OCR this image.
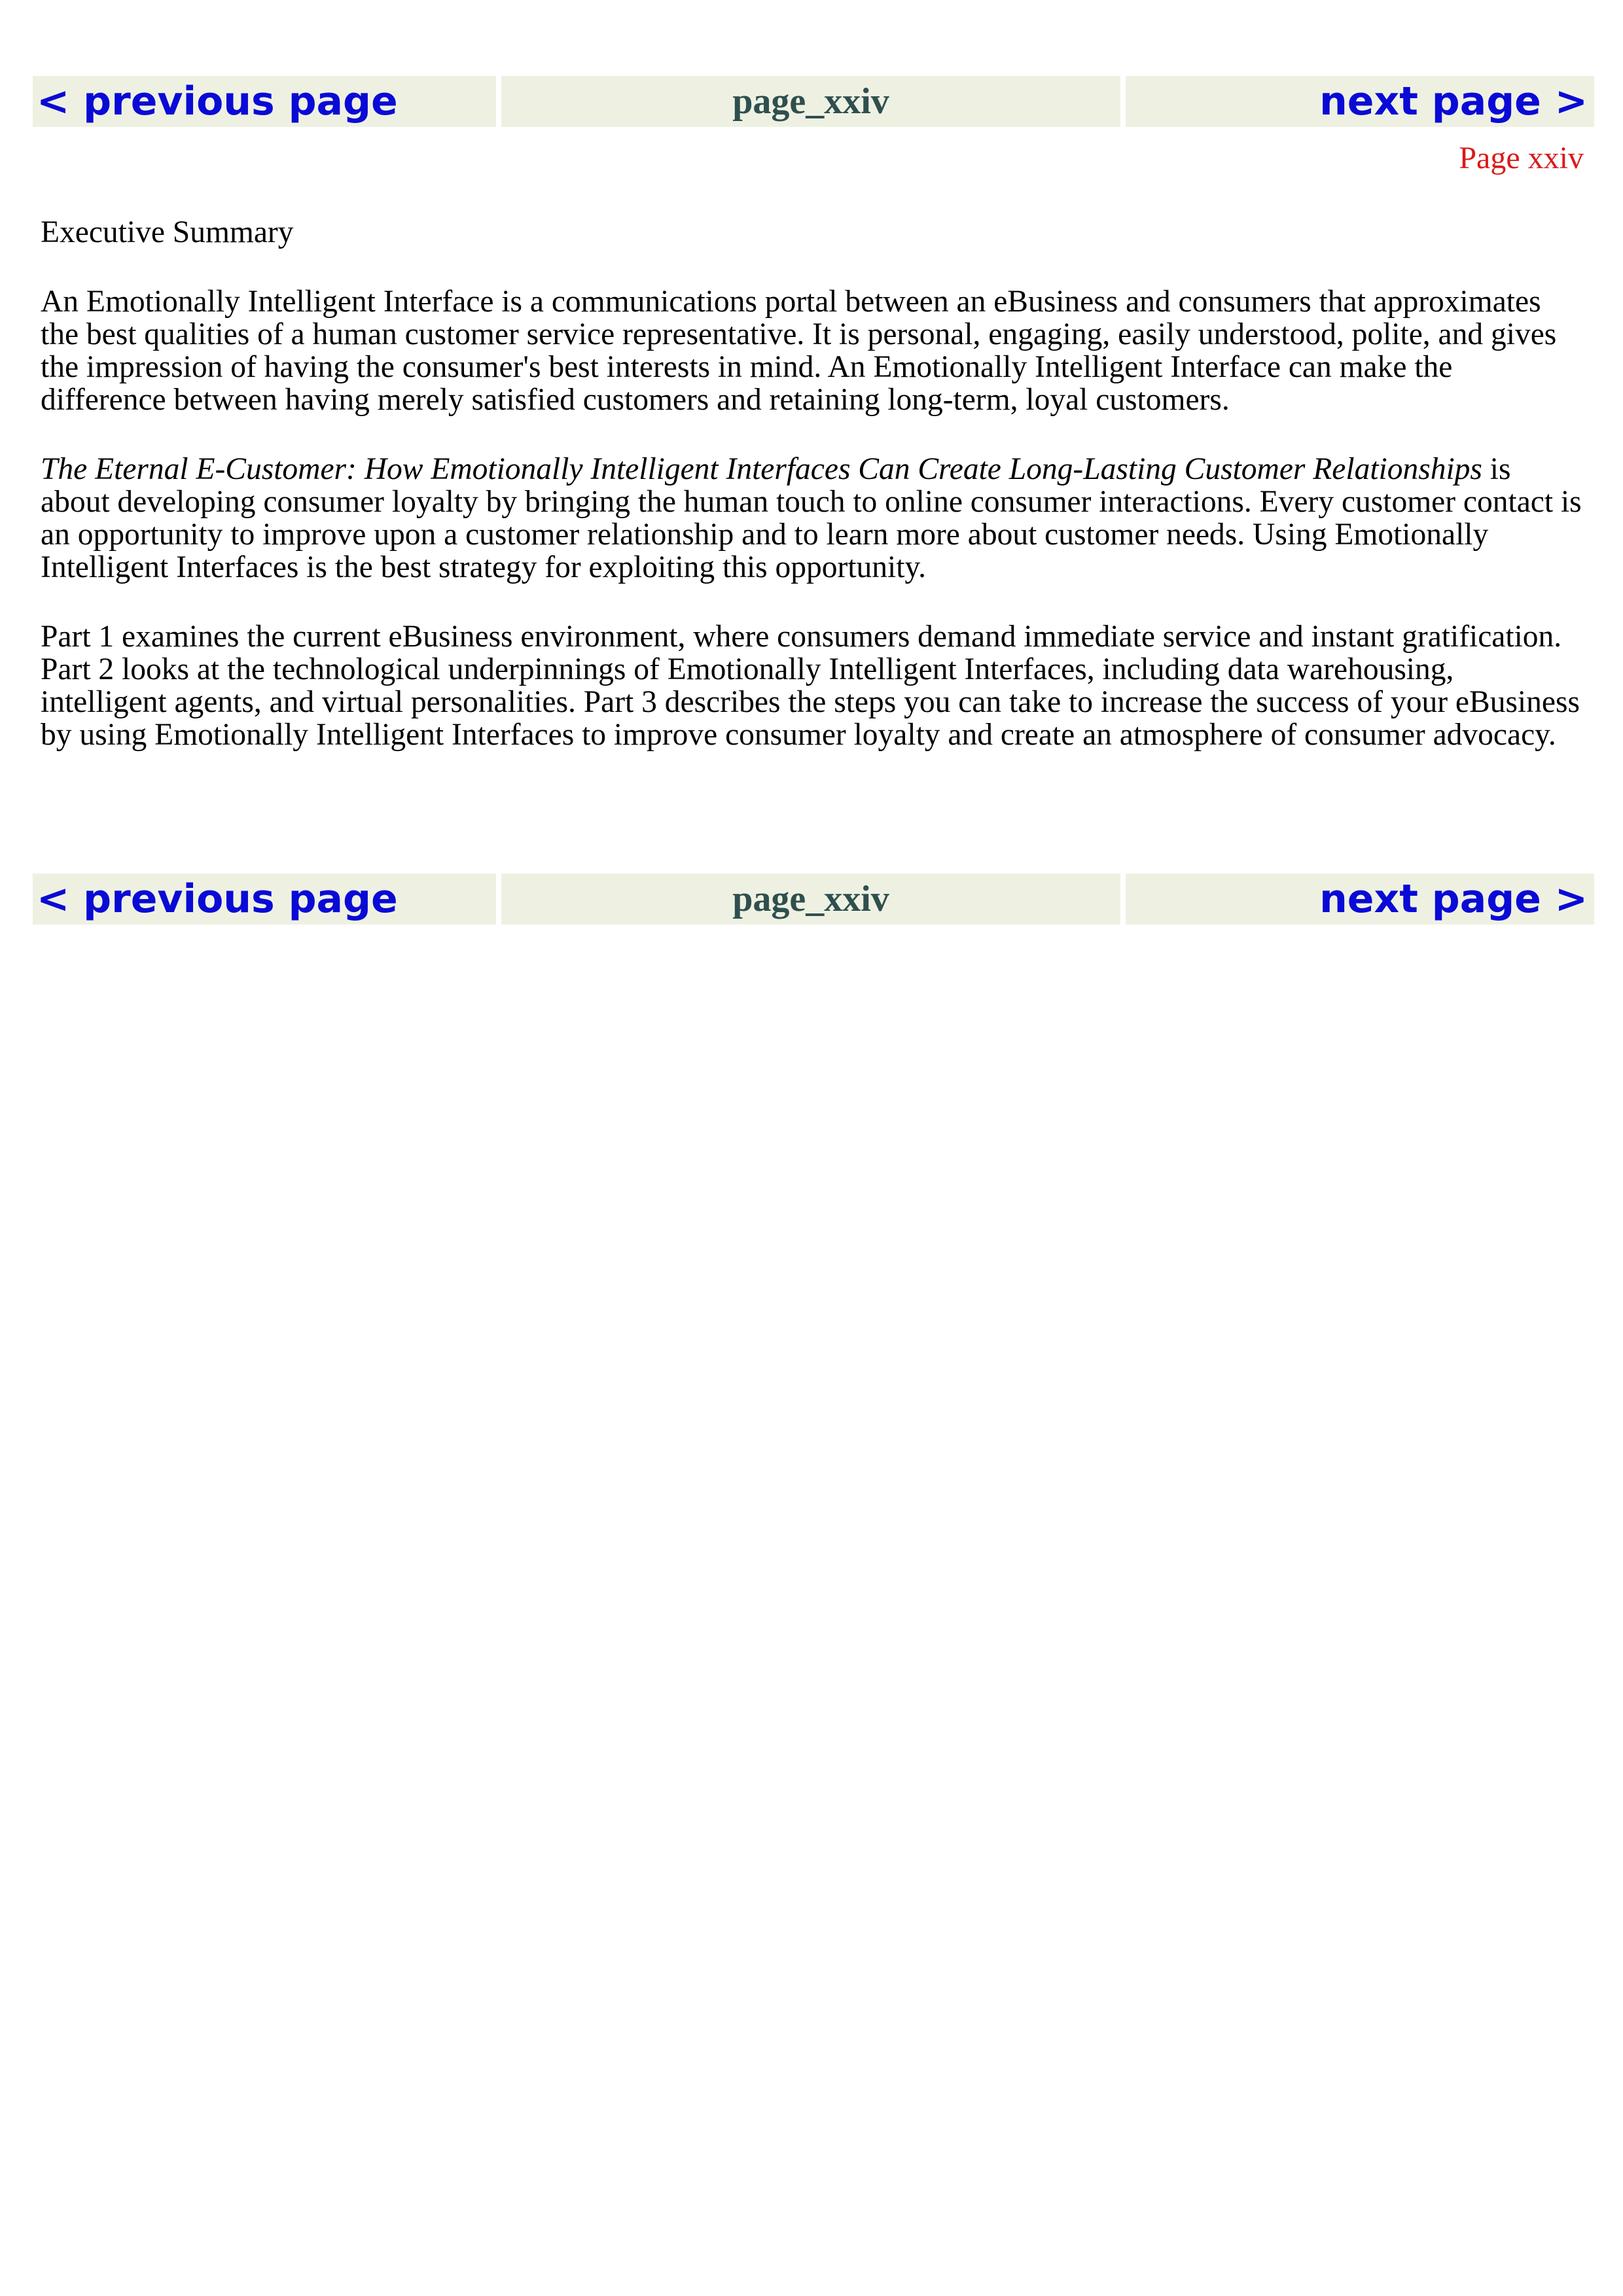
< previous page	page_xxiv	next page >
Page xxiv

Executive Summary

An Emotionally Intelligent Interface is a communications portal between an eBusiness and consumers that approximates the best qualities of a human customer service representative. It is personal, engaging, easily understood, polite, and gives the impression of having the consumer's best interests in mind. An Emotionally Intelligent Interface can make the difference between having merely satisfied customers and retaining long-term, loyal customers.

The Eternal E-Customer: How Emotionally Intelligent Interfaces Can Create Long-Lasting Customer Relationships is about developing consumer loyalty by bringing the human touch to online consumer interactions. Every customer contact is an opportunity to improve upon a customer relationship and to learn more about customer needs. Using Emotionally Intelligent Interfaces is the best strategy for exploiting this opportunity.

Part 1 examines the current eBusiness environment, where consumers demand immediate service and instant gratification. Part 2 looks at the technological underpinnings of Emotionally Intelligent Interfaces, including data warehousing, intelligent agents, and virtual personalities. Part 3 describes the steps you can take to increase the success of your eBusiness by using Emotionally Intelligent Interfaces to improve consumer loyalty and create an atmosphere of consumer advocacy.

< previous page	page_xxiv	next page >
